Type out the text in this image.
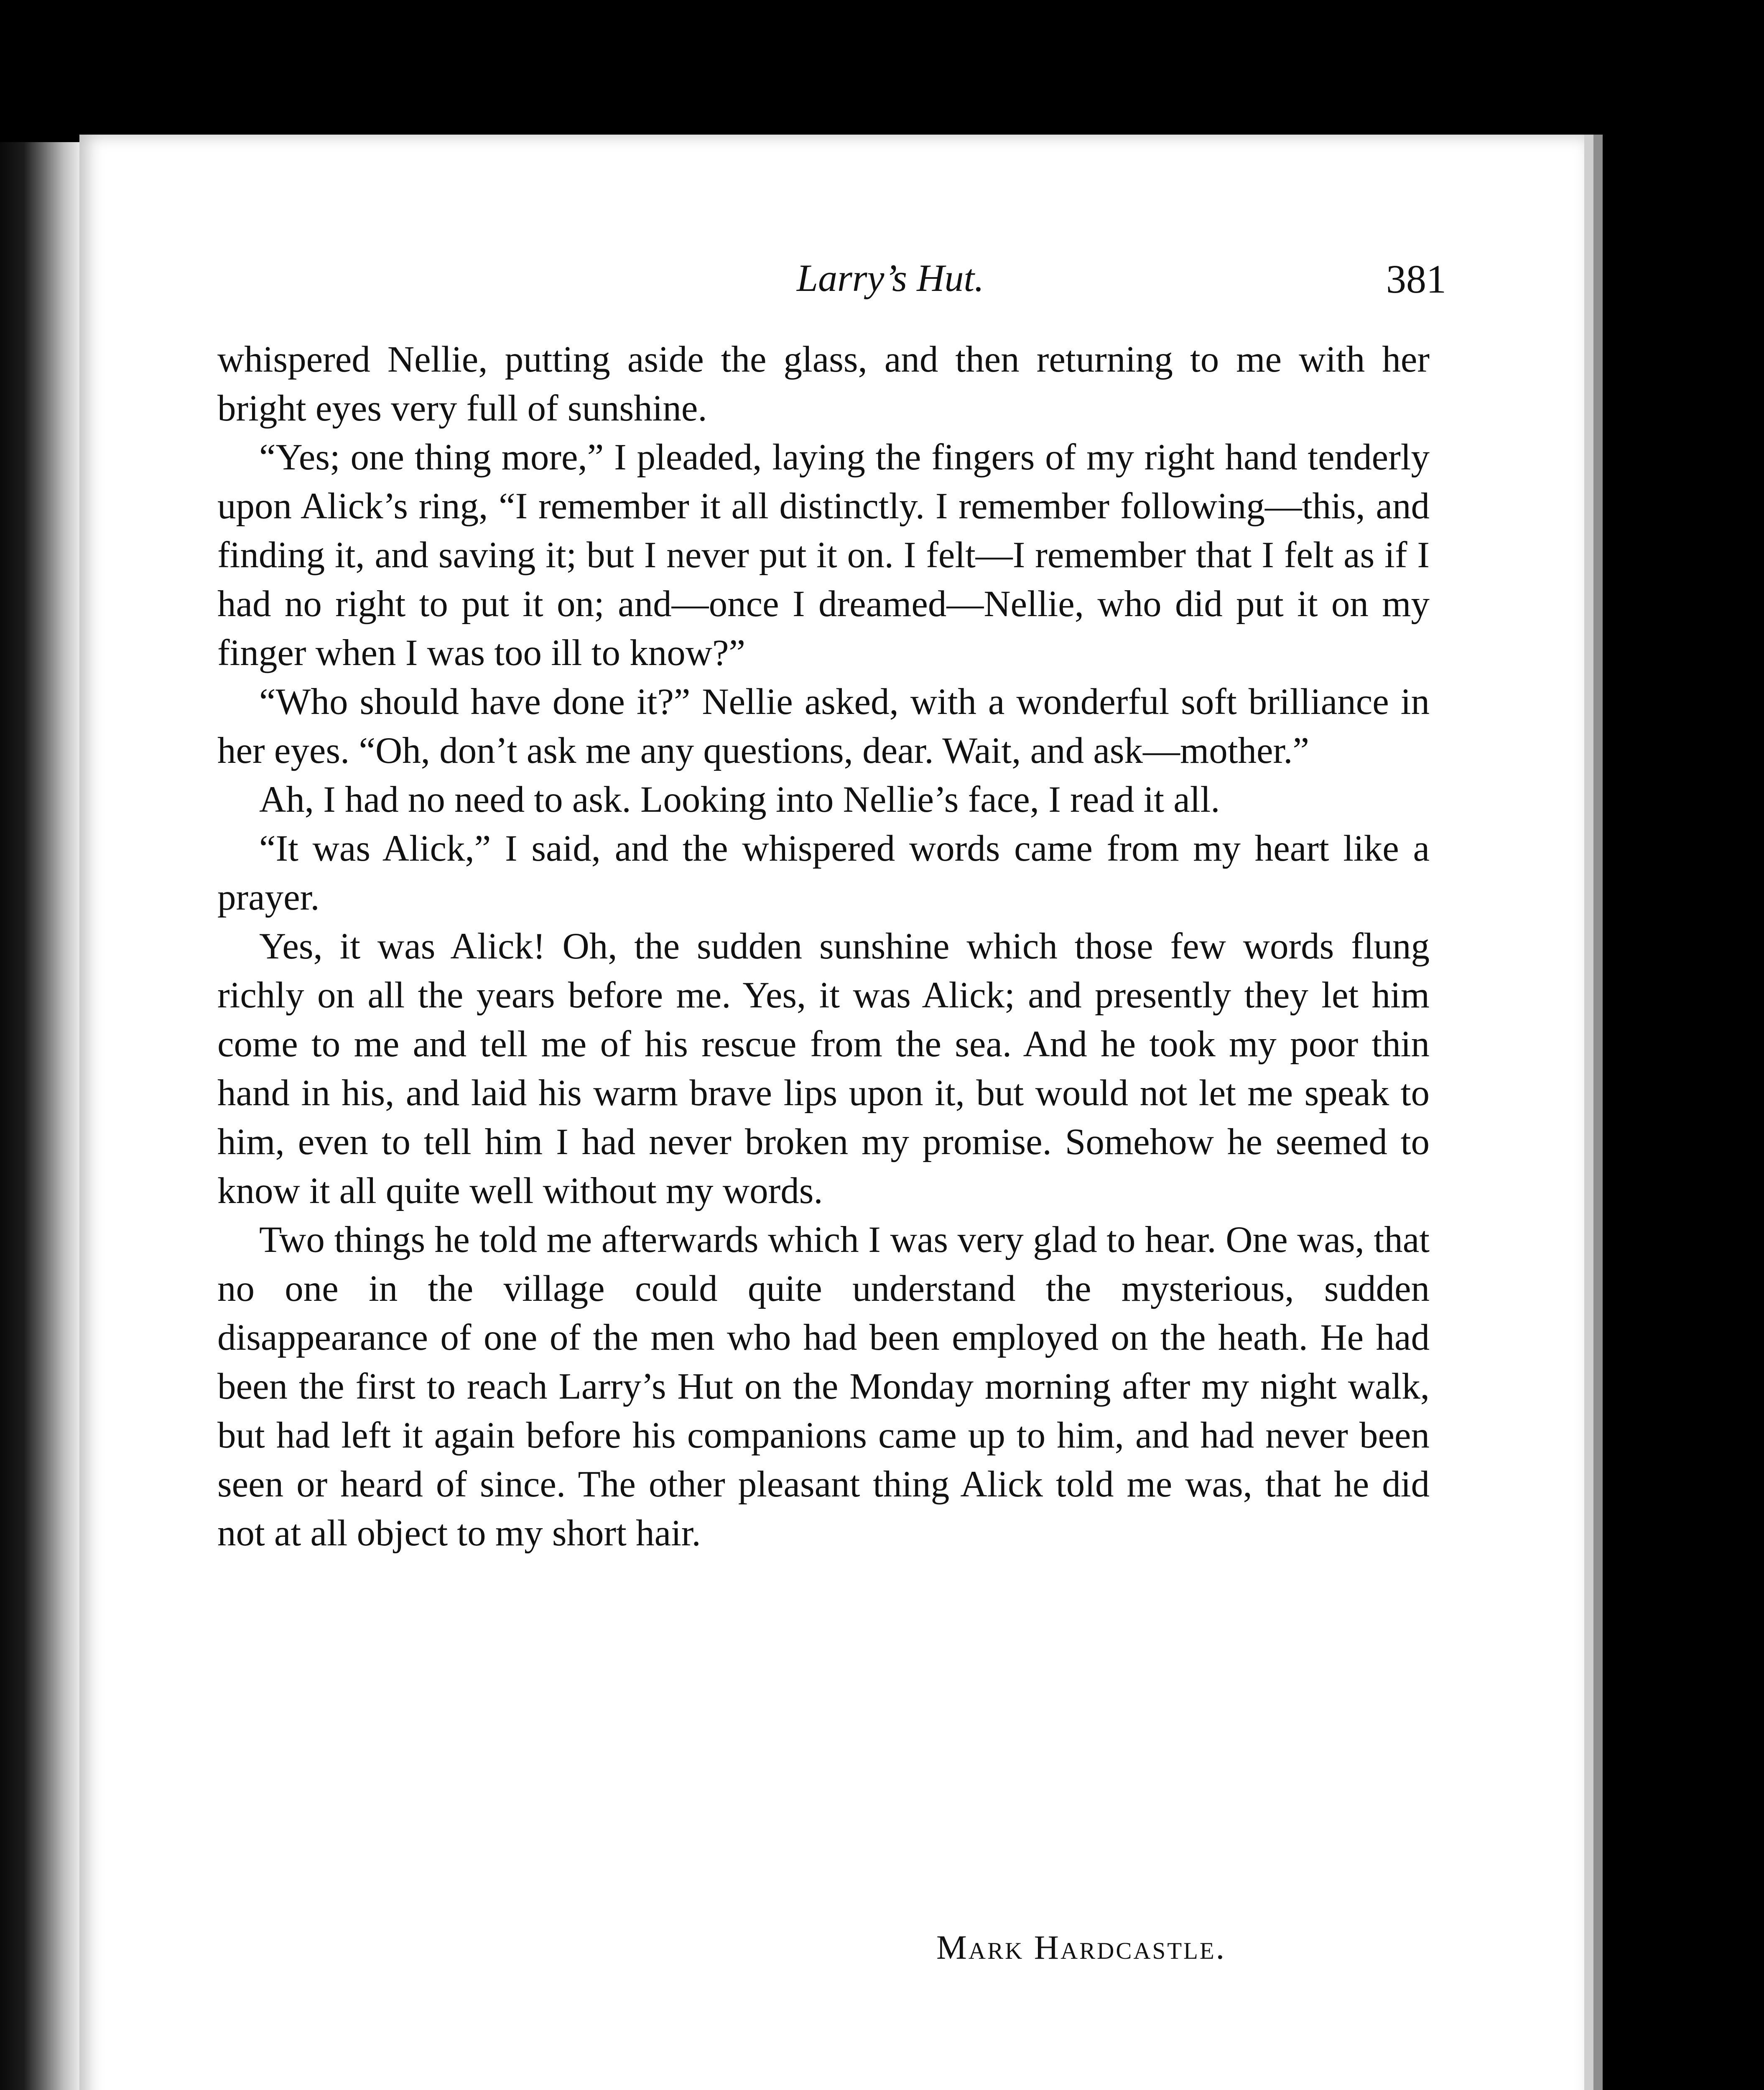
Larry’s Hut.	381

whispered Nellie, putting aside the glass, and then returning to me with her bright eyes very full of sunshine.

“Yes; one thing more,” I pleaded, laying the fingers of my right hand tenderly upon Alick’s ring, “I remember it all distinctly. I remember following—this, and finding it, and saving it; but I never put it on. I felt—I remember that I felt as if I had no right to put it on; and—once I dreamed—Nellie, who did put it on my finger when I was too ill to know?”

“Who should have done it?” Nellie asked, with a wonderful soft brilliance in her eyes. “Oh, don’t ask me any questions, dear. Wait, and ask—mother.”

Ah, I had no need to ask. Looking into Nellie’s face, I read it all.

“It was Alick,” I said, and the whispered words came from my heart like a prayer.

Yes, it was Alick! Oh, the sudden sunshine which those few words flung richly on all the years before me. Yes, it was Alick; and presently they let him come to me and tell me of his rescue from the sea. And he took my poor thin hand in his, and laid his warm brave lips upon it, but would not let me speak to him, even to tell him I had never broken my promise. Somehow he seemed to know it all quite well without my words.

Two things he told me afterwards which I was very glad to hear. One was, that no one in the village could quite understand the mysterious, sudden disappearance of one of the men who had been employed on the heath. He had been the first to reach Larry’s Hut on the Monday morning after my night walk, but had left it again before his companions came up to him, and had never been seen or heard of since. The other pleasant thing Alick told me was, that he did not at all object to my short hair.

Mark Hardcastle.
